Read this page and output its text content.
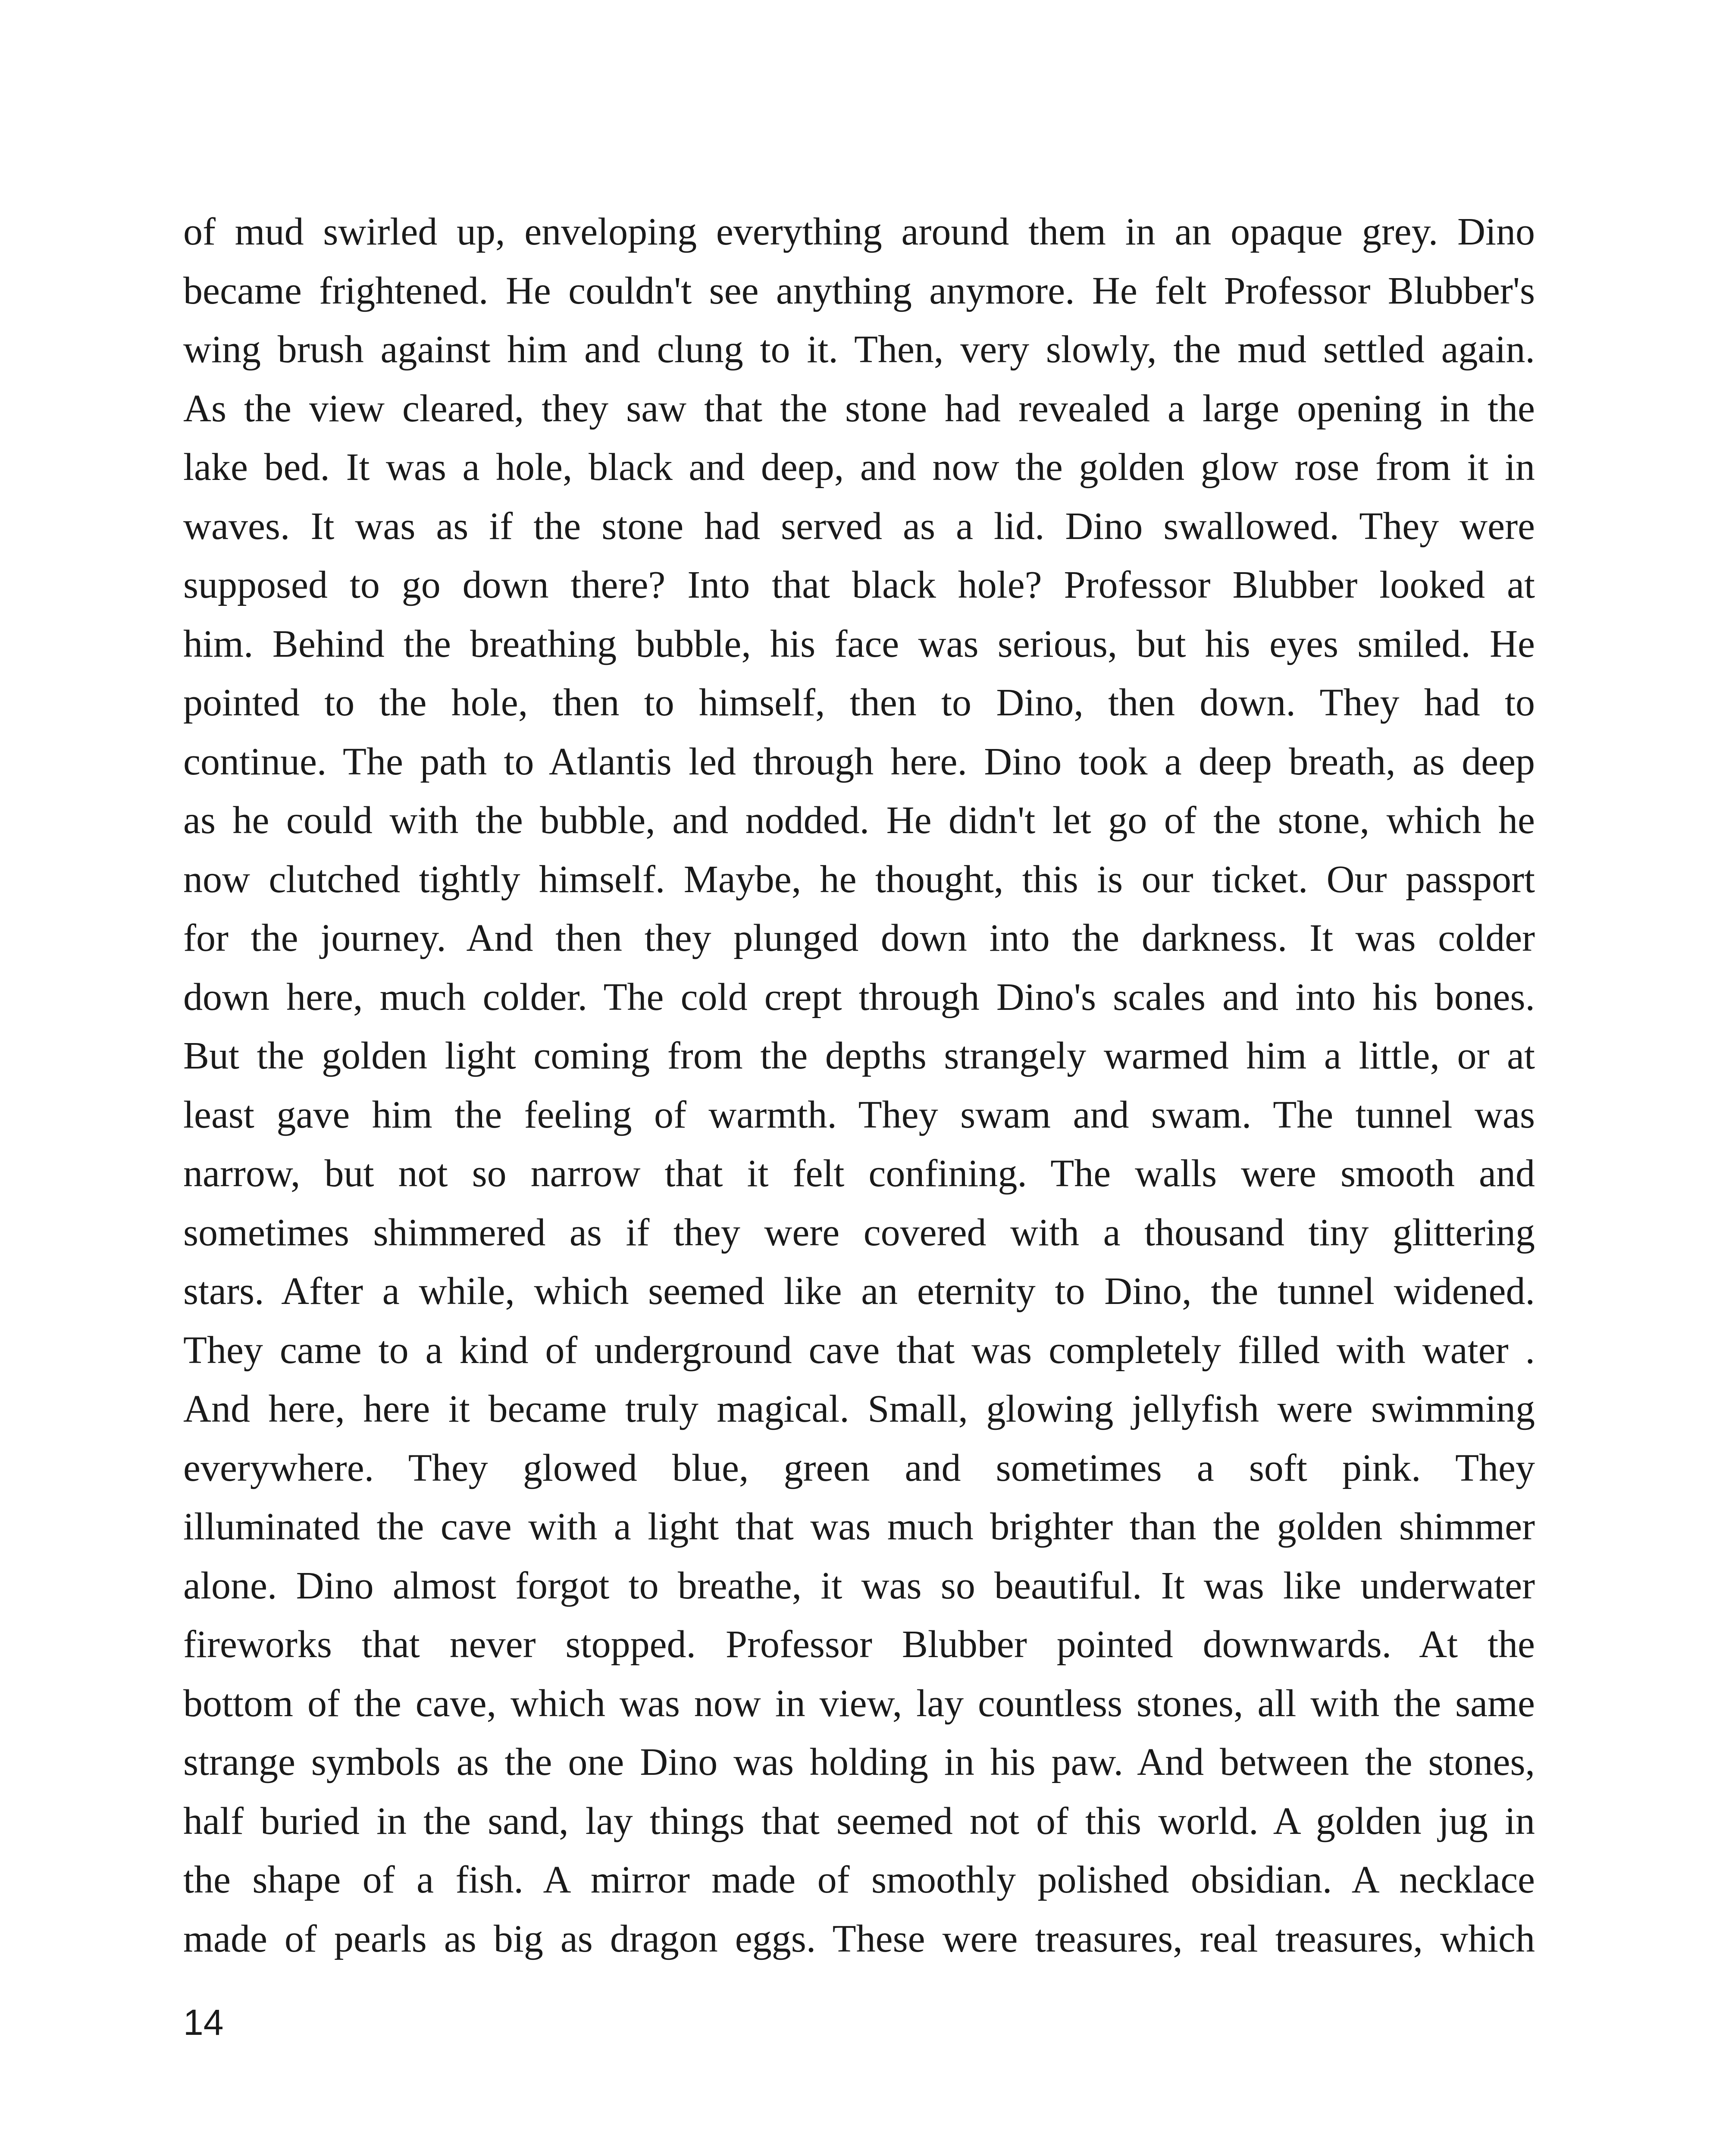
of mud swirled up, enveloping everything around them in an opaque grey. Dino
became frightened. He couldn't see anything anymore. He felt Professor Blubber's
wing brush against him and clung to it. Then, very slowly, the mud settled again.
As the view cleared, they saw that the stone had revealed a large opening in the
lake bed. It was a hole, black and deep, and now the golden glow rose from it in
waves. It was as if the stone had served as a lid. Dino swallowed. They were
supposed to go down there? Into that black hole? Professor Blubber looked at
him. Behind the breathing bubble, his face was serious, but his eyes smiled. He
pointed to the hole, then to himself, then to Dino, then down. They had to
continue. The path to Atlantis led through here. Dino took a deep breath, as deep
as he could with the bubble, and nodded. He didn't let go of the stone, which he
now clutched tightly himself. Maybe, he thought, this is our ticket. Our passport
for the journey. And then they plunged down into the darkness. It was colder
down here, much colder. The cold crept through Dino's scales and into his bones.
But the golden light coming from the depths strangely warmed him a little, or at
least gave him the feeling of warmth. They swam and swam. The tunnel was
narrow, but not so narrow that it felt confining. The walls were smooth and
sometimes shimmered as if they were covered with a thousand tiny glittering
stars. After a while, which seemed like an eternity to Dino, the tunnel widened.
They came to a kind of underground cave that was completely filled with water .
And here, here it became truly magical. Small, glowing jellyfish were swimming
everywhere. They glowed blue, green and sometimes a soft pink. They
illuminated the cave with a light that was much brighter than the golden shimmer
alone. Dino almost forgot to breathe, it was so beautiful. It was like underwater
fireworks that never stopped. Professor Blubber pointed downwards. At the
bottom of the cave, which was now in view, lay countless stones, all with the same
strange symbols as the one Dino was holding in his paw. And between the stones,
half buried in the sand, lay things that seemed not of this world. A golden jug in
the shape of a fish. A mirror made of smoothly polished obsidian. A necklace
made of pearls as big as dragon eggs. These were treasures, real treasures, which
14
